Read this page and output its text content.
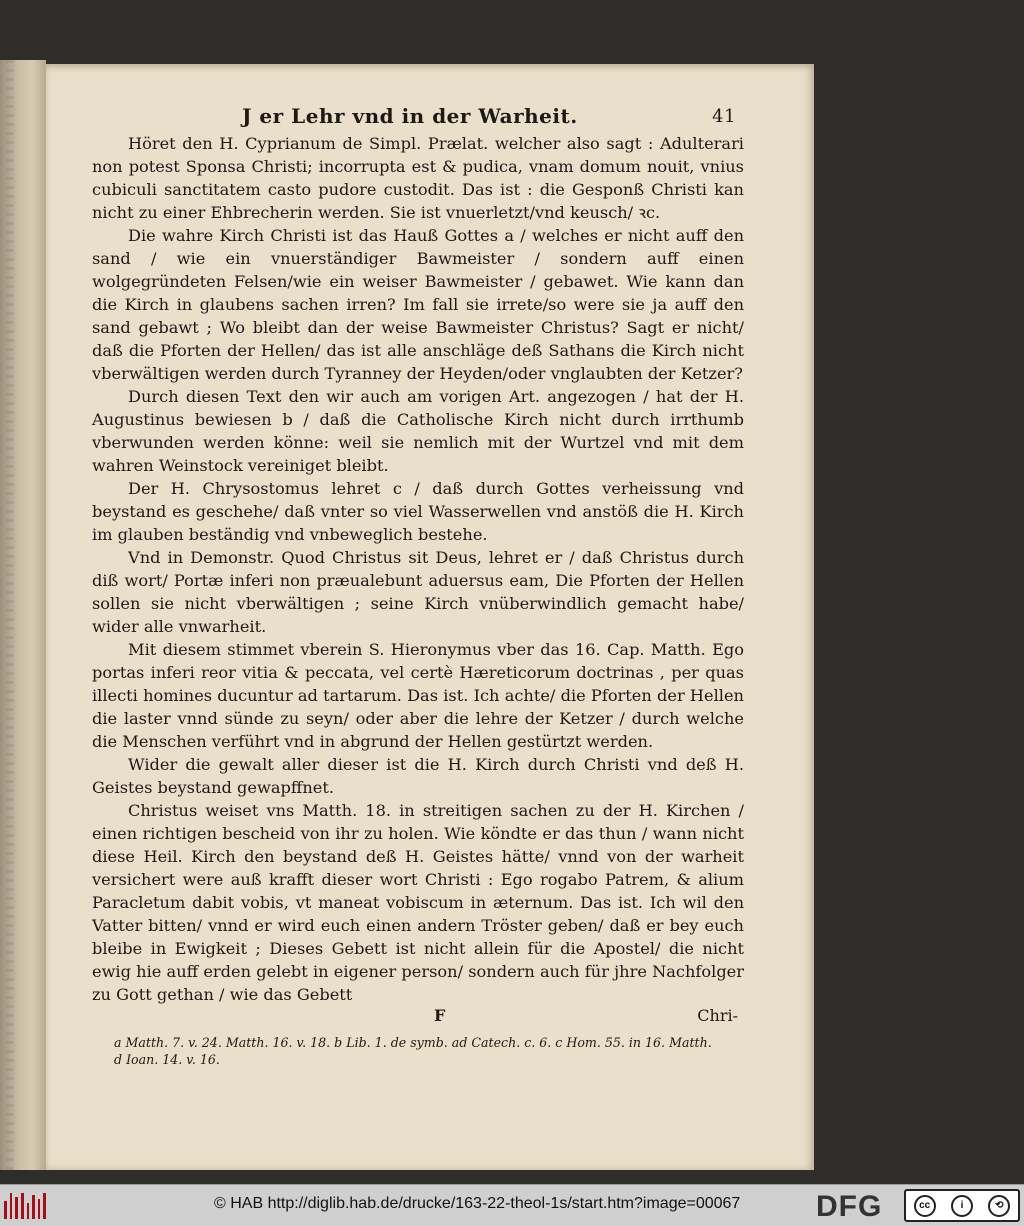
J er Lehr vnd in der Warheit.	41

Höret den H. Cyprianum de Simpl. Prælat. welcher also sagt : Adulterari non potest Sponsa Christi; incorrupta est & pudica, vnam domum nouit, vnius cubiculi sanctitatem casto pudore custodit. Das ist : die Gesponß Christi kan nicht zu einer Ehbrecherin werden. Sie ist vnuerletzt/vnd keusch/ ꝛc.

Die wahre Kirch Christi ist das Hauß Gottes a / welches er nicht auff den sand / wie ein vnuerständiger Bawmeister / sondern auff einen wolgegründeten Felsen/wie ein weiser Bawmeister / gebawet. Wie kann dan die Kirch in glaubens sachen irren? Im fall sie irrete/so were sie ja auff den sand gebawt ; Wo bleibt dan der weise Bawmeister Christus? Sagt er nicht/ daß die Pforten der Hellen/ das ist alle anschläge deß Sathans die Kirch nicht vberwältigen werden durch Tyranney der Heyden/oder vnglaubten der Ketzer?

Durch diesen Text den wir auch am vorigen Art. angezogen / hat der H. Augustinus bewiesen b / daß die Catholische Kirch nicht durch irrthumb vberwunden werden könne: weil sie nemlich mit der Wurtzel vnd mit dem wahren Weinstock vereiniget bleibt.

Der H. Chrysostomus lehret c / daß durch Gottes verheissung vnd beystand es geschehe/ daß vnter so viel Wasserwellen vnd anstöß die H. Kirch im glauben beständig vnd vnbeweglich bestehe.

Vnd in Demonstr. Quod Christus sit Deus, lehret er / daß Christus durch diß wort/ Portæ inferi non præualebunt aduersus eam, Die Pforten der Hellen sollen sie nicht vberwältigen ; seine Kirch vnüberwindlich gemacht habe/ wider alle vnwarheit.

Mit diesem stimmet vberein S. Hieronymus vber das 16. Cap. Matth. Ego portas inferi reor vitia & peccata, vel certè Hæreticorum doctrinas , per quas illecti homines ducuntur ad tartarum. Das ist. Ich achte/ die Pforten der Hellen die laster vnnd sünde zu seyn/ oder aber die lehre der Ketzer / durch welche die Menschen verführt vnd in abgrund der Hellen gestürtzt werden.

Wider die gewalt aller dieser ist die H. Kirch durch Christi vnd deß H. Geistes beystand gewapffnet.

Christus weiset vns Matth. 18. in streitigen sachen zu der H. Kirchen / einen richtigen bescheid von ihr zu holen. Wie köndte er das thun / wann nicht diese Heil. Kirch den beystand deß H. Geistes hätte/ vnnd von der warheit versichert were auß krafft dieser wort Christi : Ego rogabo Patrem, & alium Paracletum dabit vobis, vt maneat vobiscum in æternum. Das ist. Ich wil den Vatter bitten/ vnnd er wird euch einen andern Tröster geben/ daß er bey euch bleibe in Ewigkeit ; Dieses Gebett ist nicht allein für die Apostel/ die nicht ewig hie auff erden gelebt in eigener person/ sondern auch für jhre Nachfolger zu Gott gethan / wie das Gebett

F	Chri-
a Matth. 7. v. 24. Matth. 16. v. 18. b Lib. 1. de symb. ad Catech. c. 6. c Hom. 55. in 16. Matth.
d Ioan. 14. v. 16.
© HAB http://diglib.hab.de/drucke/163-22-theol-1s/start.htm?image=00067	DFG	cc	i	⟲
